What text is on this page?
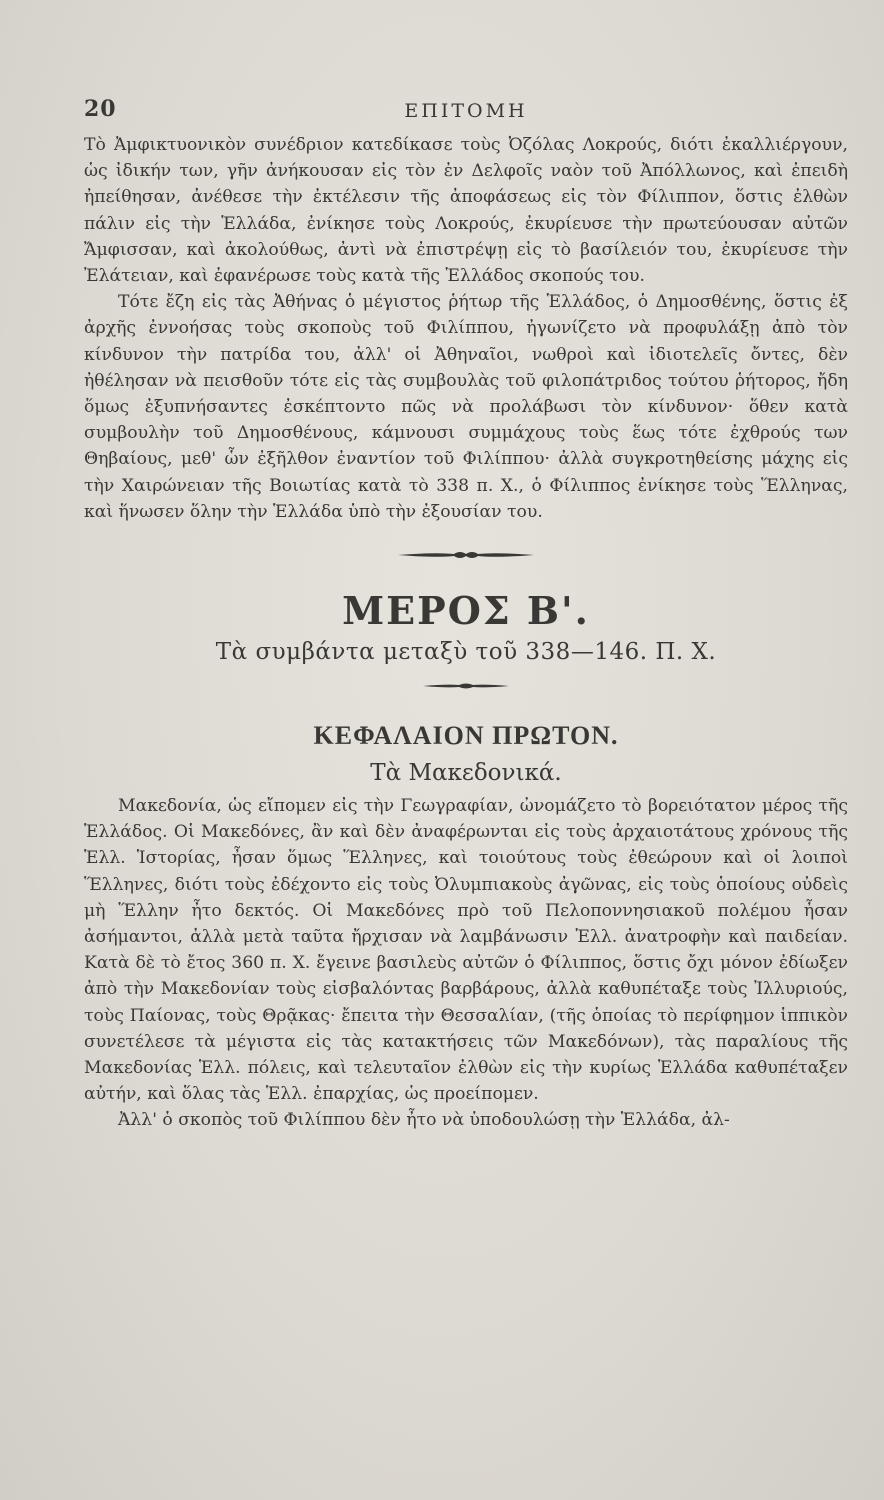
20	ΕΠΙΤΟΜΗ

Τὸ Ἀμφικτυονικὸν συνέδριον κατεδίκασε τοὺς Ὀζόλας Λοκρούς, διότι ἐκαλλιέργουν, ὡς ἰδικήν των, γῆν ἀνήκουσαν εἰς τὸν ἐν Δελφοῖς ναὸν τοῦ Ἀπόλλωνος, καὶ ἐπειδὴ ἠπείθησαν, ἀνέθεσε τὴν ἐκτέλεσιν τῆς ἀποφάσεως εἰς τὸν Φίλιππον, ὅστις ἐλθὼν πάλιν εἰς τὴν Ἑλλάδα, ἐνίκησε τοὺς Λοκρούς, ἐκυρίευσε τὴν πρωτεύουσαν αὐτῶν Ἄμφισσαν, καὶ ἀκολούθως, ἀντὶ νὰ ἐπιστρέψῃ εἰς τὸ βασίλειόν του, ἐκυρίευσε τὴν Ἐλάτειαν, καὶ ἐφανέρωσε τοὺς κατὰ τῆς Ἑλλάδος σκοπούς του.

Τότε ἔζη εἰς τὰς Ἀθήνας ὁ μέγιστος ῥήτωρ τῆς Ἑλλάδος, ὁ Δημοσθένης, ὅστις ἐξ ἀρχῆς ἐννοήσας τοὺς σκοποὺς τοῦ Φιλίππου, ἠγωνίζετο νὰ προφυλάξῃ ἀπὸ τὸν κίνδυνον τὴν πατρίδα του, ἀλλ' οἱ Ἀθηναῖοι, νωθροὶ καὶ ἰδιοτελεῖς ὄντες, δὲν ἠθέλησαν νὰ πεισθοῦν τότε εἰς τὰς συμβουλὰς τοῦ φιλοπάτριδος τούτου ῥήτορος, ἤδη ὅμως ἐξυπνήσαντες ἐσκέπτοντο πῶς νὰ προλάβωσι τὸν κίνδυνον· ὅθεν κατὰ συμβουλὴν τοῦ Δημοσθένους, κάμνουσι συμμάχους τοὺς ἕως τότε ἐχθρούς των Θηβαίους, μεθ' ὧν ἐξῆλθον ἐναντίον τοῦ Φιλίππου· ἀλλὰ συγκροτηθείσης μάχης εἰς τὴν Χαιρώνειαν τῆς Βοιωτίας κατὰ τὸ 338 π. Χ., ὁ Φίλιππος ἐνίκησε τοὺς Ἕλληνας, καὶ ἥνωσεν ὅλην τὴν Ἑλλάδα ὑπὸ τὴν ἐξουσίαν του.

ΜΕΡΟΣ Β'.

Τὰ συμβάντα μεταξὺ τοῦ 338—146. Π. Χ.

ΚΕΦΑΛΑΙΟΝ ΠΡΩΤΟΝ.

Τὰ Μακεδονικά.

Μακεδονία, ὡς εἴπομεν εἰς τὴν Γεωγραφίαν, ὠνομάζετο τὸ βορειότατον μέρος τῆς Ἑλλάδος. Οἱ Μακεδόνες, ἂν καὶ δὲν ἀναφέρωνται εἰς τοὺς ἀρχαιοτάτους χρόνους τῆς Ἑλλ. Ἱστορίας, ἦσαν ὅμως Ἕλληνες, καὶ τοιούτους τοὺς ἐθεώρουν καὶ οἱ λοιποὶ Ἕλληνες, διότι τοὺς ἐδέχοντο εἰς τοὺς Ὀλυμπιακοὺς ἀγῶνας, εἰς τοὺς ὁποίους οὐδεὶς μὴ Ἕλλην ἦτο δεκτός. Οἱ Μακεδόνες πρὸ τοῦ Πελοποννησιακοῦ πολέμου ἦσαν ἀσήμαντοι, ἀλλὰ μετὰ ταῦτα ἤρχισαν νὰ λαμβάνωσιν Ἑλλ. ἀνατροφὴν καὶ παιδείαν. Κατὰ δὲ τὸ ἔτος 360 π. Χ. ἔγεινε βασιλεὺς αὐτῶν ὁ Φίλιππος, ὅστις ὄχι μόνον ἐδίωξεν ἀπὸ τὴν Μακεδονίαν τοὺς εἰσβαλόντας βαρβάρους, ἀλλὰ καθυπέταξε τοὺς Ἰλλυριούς, τοὺς Παίονας, τοὺς Θρᾷκας· ἔπειτα τὴν Θεσσαλίαν, (τῆς ὁποίας τὸ περίφημον ἱππικὸν συνετέλεσε τὰ μέγιστα εἰς τὰς κατακτήσεις τῶν Μακεδόνων), τὰς παραλίους τῆς Μακεδονίας Ἑλλ. πόλεις, καὶ τελευταῖον ἐλθὼν εἰς τὴν κυρίως Ἑλλάδα καθυπέταξεν αὐτήν, καὶ ὅλας τὰς Ἑλλ. ἐπαρχίας, ὡς προείπομεν.

Ἀλλ' ὁ σκοπὸς τοῦ Φιλίππου δὲν ἦτο νὰ ὑποδουλώσῃ τὴν Ἑλλάδα, ἀλ-
